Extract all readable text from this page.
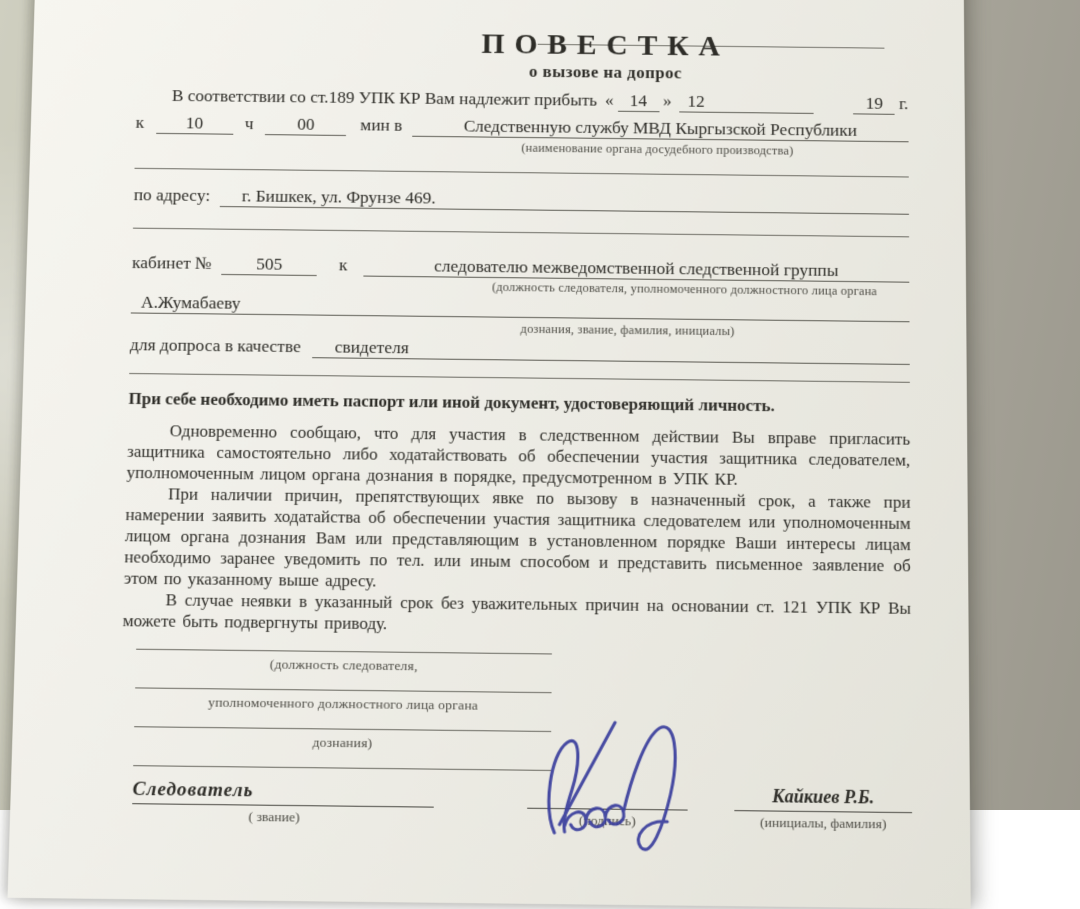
ПОВЕСТКА
о вызове на допрос
В соответствии со ст.189 УПК КР Вам надлежит прибыть « 14 » 12	19 г.
к	10	ч	00	мин в	Следственную службу МВД Кыргызской Республики
(наименование органа досудебного производства)
по адресу:	г. Бишкек, ул. Фрунзе 469.
кабинет №	505	к	следователю межведомственной следственной группы
(должность следователя, уполномоченного должностного лица органа
А.Жумабаеву
дознания, звание, фамилия, инициалы)
для допроса в качестве	свидетеля
При себе необходимо иметь паспорт или иной документ, удостоверяющий личность.

Одновременно сообщаю, что для участия в следственном действии Вы вправе пригласить защитника самостоятельно либо ходатайствовать об обеспечении участия защитника следователем, уполномоченным лицом органа дознания в порядке, предусмотренном в УПК КР.

При наличии причин, препятствующих явке по вызову в назначенный срок, а также при намерении заявить ходатайства об обеспечении участия защитника следователем или уполномоченным лицом органа дознания Вам или представляющим в установленном порядке Ваши интересы лицам необходимо заранее уведомить по тел. или иным способом и представить письменное заявление об этом по указанному выше адресу.

В случае неявки в указанный срок без уважительных причин на основании ст. 121 УПК КР Вы можете быть подвергнуты приводу.

(должность следователя,
уполномоченного должностного лица органа
дознания)
Следователь
( звание)	(подпись)
Кайкиев Р.Б.
(инициалы, фамилия)
